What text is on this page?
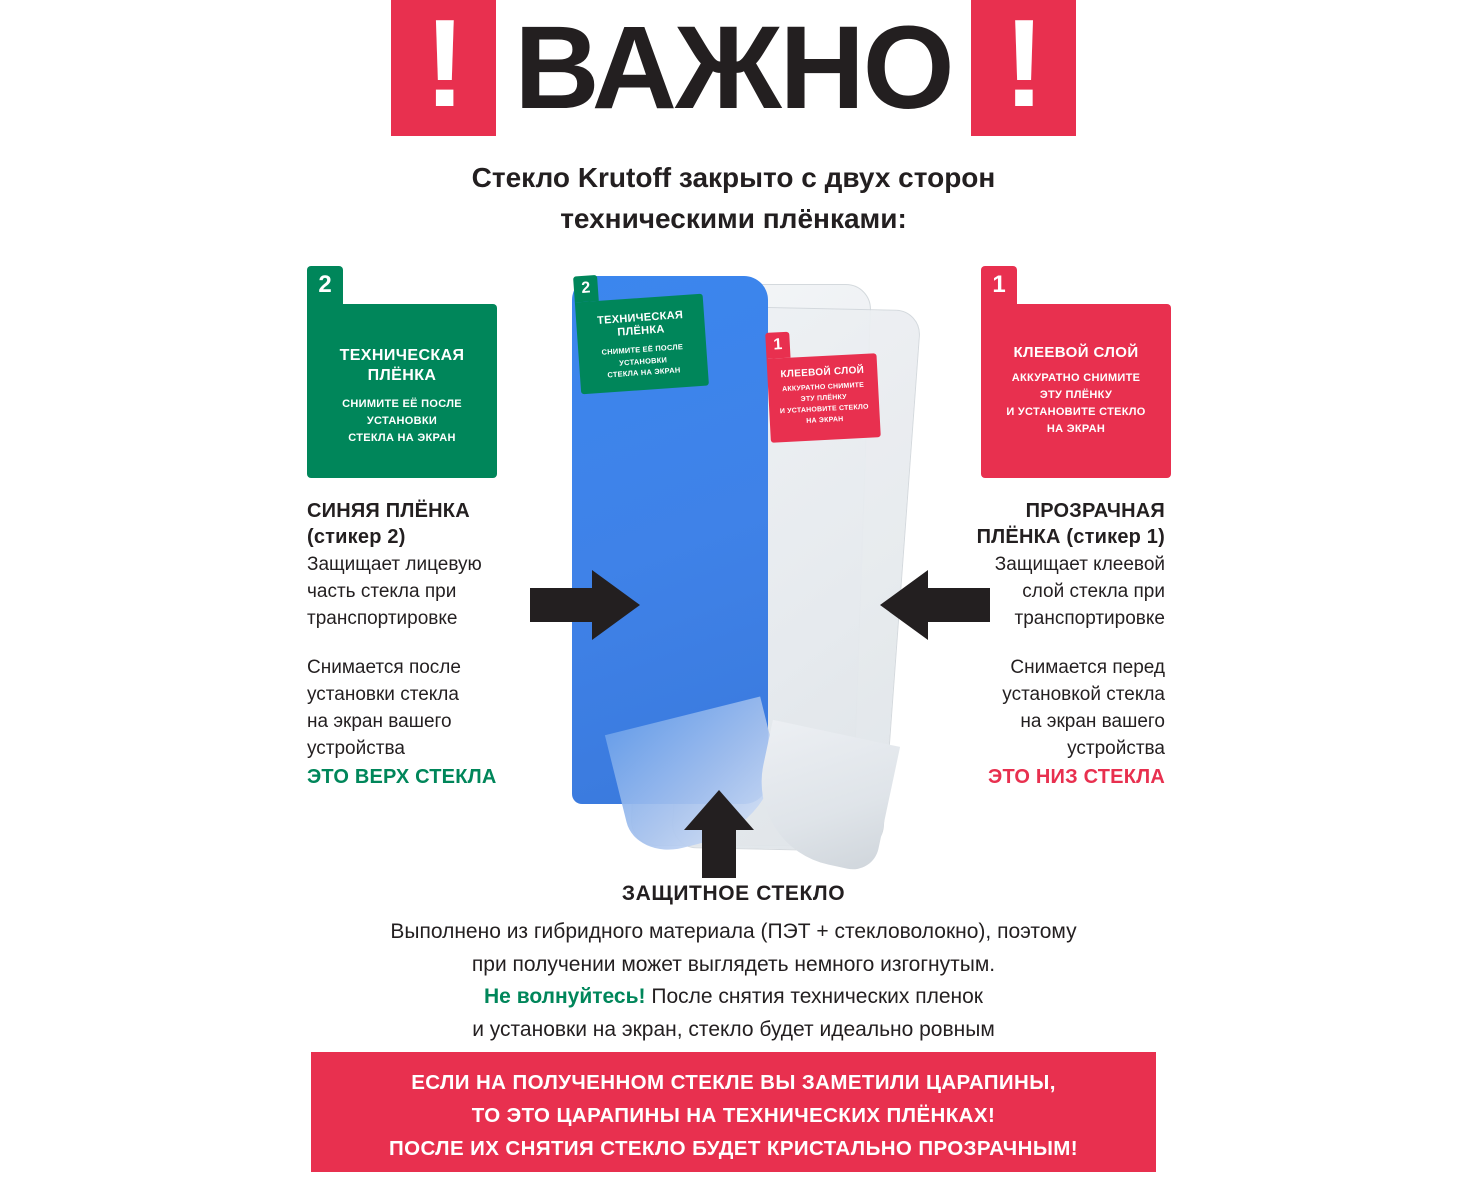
! ВАЖНО !
Стекло Krutoff закрыто с двух сторон
техническими плёнками:
2
ТЕХНИЧЕСКАЯ
ПЛЁНКА
СНИМИТЕ ЕЁ ПОСЛЕ
УСТАНОВКИ
СТЕКЛА НА ЭКРАН
1
КЛЕЕВОЙ СЛОЙ
АККУРАТНО СНИМИТЕ
ЭТУ ПЛЁНКУ
И УСТАНОВИТЕ СТЕКЛО
НА ЭКРАН
2
ТЕХНИЧЕСКАЯ
ПЛЁНКА
СНИМИТЕ ЕЁ ПОСЛЕ
УСТАНОВКИ
СТЕКЛА НА ЭКРАН
1
КЛЕЕВОЙ СЛОЙ
АККУРАТНО СНИМИТЕ
ЭТУ ПЛЁНКУ
И УСТАНОВИТЕ СТЕКЛО
НА ЭКРАН
СИНЯЯ ПЛЁНКА
(стикер 2)

Защищает лицевую

часть стекла при

транспортировке

Снимается после

установки стекла

на экран вашего

устройства

ЭТО ВЕРХ СТЕКЛА

ПРОЗРАЧНАЯ
ПЛЁНКА (стикер 1)

Защищает клеевой

слой стекла при

транспортировке

Снимается перед

установкой стекла

на экран вашего

устройства

ЭТО НИЗ СТЕКЛА

ЗАЩИТНОЕ СТЕКЛО
Выполнено из гибридного материала (ПЭТ + стекловолокно), поэтому
при получении может выглядеть немного изгогнутым.
Не волнуйтесь! После снятия технических пленок
и установки на экран, стекло будет идеально ровным
ЕСЛИ НА ПОЛУЧЕННОМ СТЕКЛЕ ВЫ ЗАМЕТИЛИ ЦАРАПИНЫ,
ТО ЭТО ЦАРАПИНЫ НА ТЕХНИЧЕСКИХ ПЛЁНКАХ!
ПОСЛЕ ИХ СНЯТИЯ СТЕКЛО БУДЕТ КРИСТАЛЬНО ПРОЗРАЧНЫМ!
